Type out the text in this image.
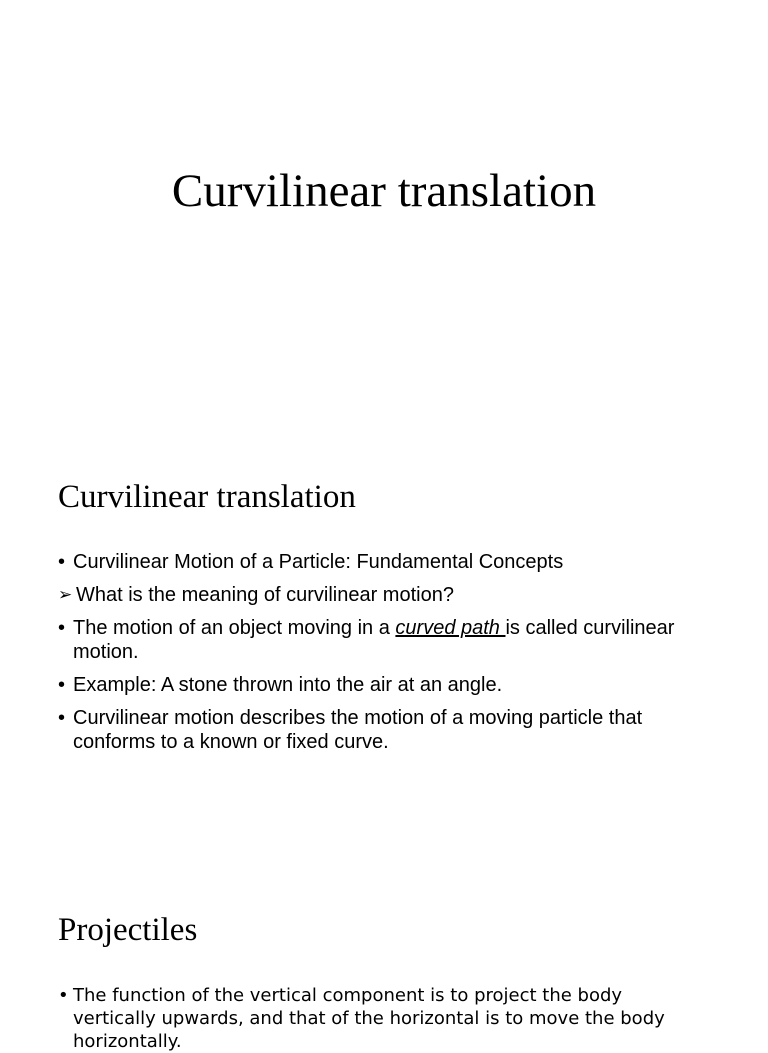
Curvilinear translation
Curvilinear translation
• Curvilinear Motion of a Particle: Fundamental Concepts
➢ What is the meaning of curvilinear motion?
• The motion of an object moving in a curved path is called curvilinear motion.
• Example: A stone thrown into the air at an angle.
• Curvilinear motion describes the motion of a moving particle that conforms to a known or fixed curve.
Projectiles
• The function of the vertical component is to project the body vertically upwards, and that of the horizontal is to move the body horizontally.
